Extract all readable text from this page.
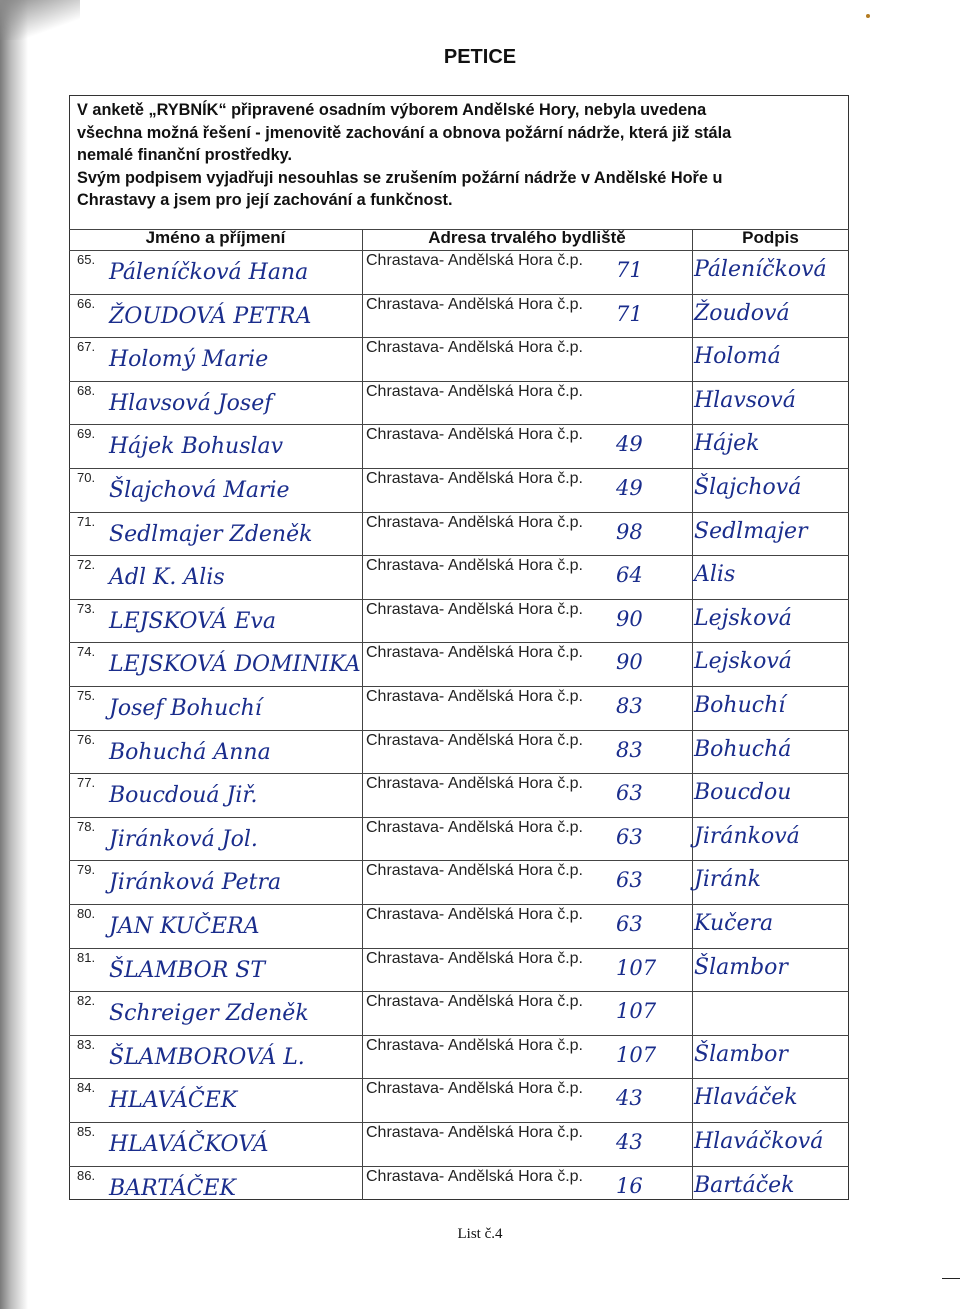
PETICE

V anketě „RYBNÍK“ připravené osadním výborem Andělské Hory, nebyla uvedena

všechna možná řešení - jmenovitě zachování a obnova požární nádrže, která již stála

nemalé finanční prostředky.

Svým podpisem vyjadřuji nesouhlas se zrušením požární nádrže v Andělské Hoře u

Chrastavy a jsem pro její zachování a funkčnost.

Jméno a příjmení	Adresa trvalého bydliště	Podpis
65.
Páleníčková Hana	Chrastava- Andělská Hora č.p. 71 Páleníčková
66.
ŽOUDOVÁ PETRA	Chrastava- Andělská Hora č.p. 71 Žoudová
67.
Holomý Marie	Chrastava- Andělská Hora č.p.	Holomá
68.
Hlavsová Josef	Chrastava- Andělská Hora č.p.	Hlavsová
69.
Hájek Bohuslav	Chrastava- Andělská Hora č.p. 49 Hájek
70.
Šlajchová Marie	Chrastava- Andělská Hora č.p. 49 Šlajchová
71.
Sedlmajer Zdeněk	Chrastava- Andělská Hora č.p. 98 Sedlmajer
72.
Adl K. Alis	Chrastava- Andělská Hora č.p. 64 Alis
73.
LEJSKOVÁ Eva	Chrastava- Andělská Hora č.p. 90 Lejsková
74.
LEJSKOVÁ DOMINIKA Chrastava- Andělská Hora č.p. 90 Lejsková
75.
Josef Bohuchí	Chrastava- Andělská Hora č.p. 83 Bohuchí
76.
Bohuchá Anna	Chrastava- Andělská Hora č.p. 83 Bohuchá
77.
Boucdouá Jiř.	Chrastava- Andělská Hora č.p. 63 Boucdou
78.
Jiránková Jol.	Chrastava- Andělská Hora č.p. 63 Jiránková
79.
Jiránková Petra	Chrastava- Andělská Hora č.p. 63 Jiránk
80.
JAN KUČERA	Chrastava- Andělská Hora č.p. 63 Kučera
81.
ŠLAMBOR ST	Chrastava- Andělská Hora č.p. 107 Šlambor
82.
Schreiger Zdeněk	Chrastava- Andělská Hora č.p. 107
83.
ŠLAMBOROVÁ L.	Chrastava- Andělská Hora č.p. 107 Šlambor
84.
HLAVÁČEK	Chrastava- Andělská Hora č.p. 43 Hlaváček
85.
HLAVÁČKOVÁ	Chrastava- Andělská Hora č.p. 43 Hlaváčková
86.
BARTÁČEK	Chrastava- Andělská Hora č.p. 16 Bartáček
List č.4
